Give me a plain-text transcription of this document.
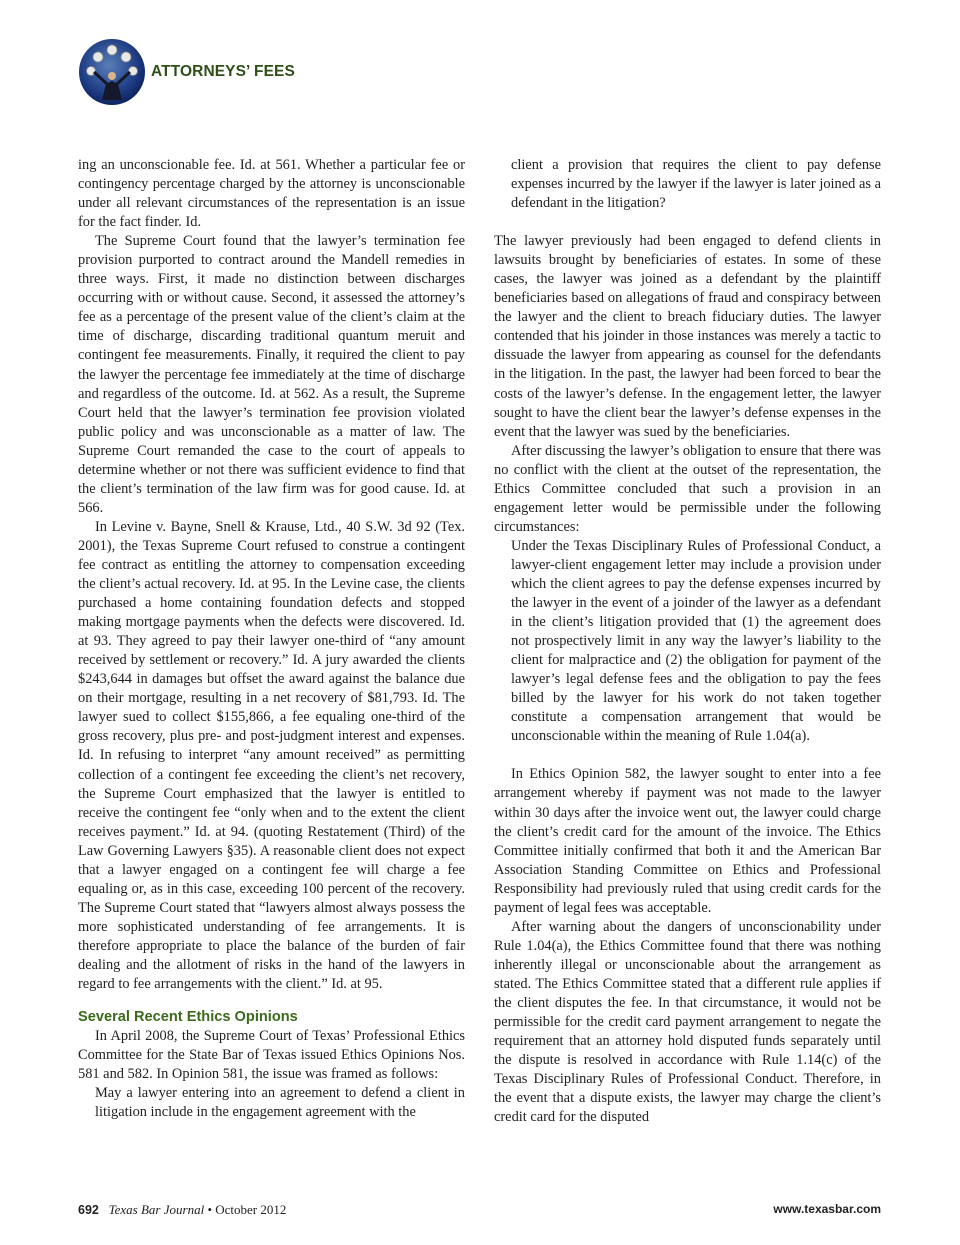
ATTORNEYS’ FEES

ing an unconscionable fee. Id. at 561. Whether a particular fee or contingency percentage charged by the attorney is unconscionable under all relevant circumstances of the representation is an issue for the fact finder. Id.

The Supreme Court found that the lawyer’s termination fee provision purported to contract around the Mandell remedies in three ways. First, it made no distinction between discharges occurring with or without cause. Second, it assessed the attorney’s fee as a percentage of the present value of the client’s claim at the time of discharge, discarding traditional quantum meruit and contingent fee measurements. Finally, it required the client to pay the lawyer the percentage fee immediately at the time of discharge and regardless of the outcome. Id. at 562. As a result, the Supreme Court held that the lawyer’s termination fee provision violated public policy and was unconscionable as a matter of law. The Supreme Court remanded the case to the court of appeals to determine whether or not there was sufficient evidence to find that the client’s termination of the law firm was for good cause. Id. at 566.

In Levine v. Bayne, Snell & Krause, Ltd., 40 S.W. 3d 92 (Tex. 2001), the Texas Supreme Court refused to construe a contingent fee contract as entitling the attorney to compensation exceeding the client’s actual recovery. Id. at 95. In the Levine case, the clients purchased a home containing foundation defects and stopped making mortgage payments when the defects were discovered. Id. at 93. They agreed to pay their lawyer one-third of “any amount received by settlement or recovery.” Id. A jury awarded the clients $243,644 in damages but offset the award against the balance due on their mortgage, resulting in a net recovery of $81,793. Id. The lawyer sued to collect $155,866, a fee equaling one-third of the gross recovery, plus pre- and post-judgment interest and expenses. Id. In refusing to interpret “any amount received” as permitting collection of a contingent fee exceeding the client’s net recovery, the Supreme Court emphasized that the lawyer is entitled to receive the contingent fee “only when and to the extent the client receives payment.” Id. at 94. (quoting Restatement (Third) of the Law Governing Lawyers §35). A reasonable client does not expect that a lawyer engaged on a contingent fee will charge a fee equaling or, as in this case, exceeding 100 percent of the recovery. The Supreme Court stated that “lawyers almost always possess the more sophisticated understanding of fee arrangements. It is therefore appropriate to place the balance of the burden of fair dealing and the allotment of risks in the hand of the lawyers in regard to fee arrangements with the client.” Id. at 95.

Several Recent Ethics Opinions

In April 2008, the Supreme Court of Texas’ Professional Ethics Committee for the State Bar of Texas issued Ethics Opinions Nos. 581 and 582. In Opinion 581, the issue was framed as follows:

May a lawyer entering into an agreement to defend a client in litigation include in the engagement agreement with the

client a provision that requires the client to pay defense expenses incurred by the lawyer if the lawyer is later joined as a defendant in the litigation?

The lawyer previously had been engaged to defend clients in lawsuits brought by beneficiaries of estates. In some of these cases, the lawyer was joined as a defendant by the plaintiff beneficiaries based on allegations of fraud and conspiracy between the lawyer and the client to breach fiduciary duties. The lawyer contended that his joinder in those instances was merely a tactic to dissuade the lawyer from appearing as counsel for the defendants in the litigation. In the past, the lawyer had been forced to bear the costs of the lawyer’s defense. In the engagement letter, the lawyer sought to have the client bear the lawyer’s defense expenses in the event that the lawyer was sued by the beneficiaries.

After discussing the lawyer’s obligation to ensure that there was no conflict with the client at the outset of the representation, the Ethics Committee concluded that such a provision in an engagement letter would be permissible under the following circumstances:

Under the Texas Disciplinary Rules of Professional Conduct, a lawyer-client engagement letter may include a provision under which the client agrees to pay the defense expenses incurred by the lawyer in the event of a joinder of the lawyer as a defendant in the client’s litigation provided that (1) the agreement does not prospectively limit in any way the lawyer’s liability to the client for malpractice and (2) the obligation for payment of the lawyer’s legal defense fees and the obligation to pay the fees billed by the lawyer for his work do not taken together constitute a compensation arrangement that would be unconscionable within the meaning of Rule 1.04(a).

In Ethics Opinion 582, the lawyer sought to enter into a fee arrangement whereby if payment was not made to the lawyer within 30 days after the invoice went out, the lawyer could charge the client’s credit card for the amount of the invoice. The Ethics Committee initially confirmed that both it and the American Bar Association Standing Committee on Ethics and Professional Responsibility had previously ruled that using credit cards for the payment of legal fees was acceptable.

After warning about the dangers of unconscionability under Rule 1.04(a), the Ethics Committee found that there was nothing inherently illegal or unconscionable about the arrangement as stated. The Ethics Committee stated that a different rule applies if the client disputes the fee. In that circumstance, it would not be permissible for the credit card payment arrangement to negate the requirement that an attorney hold disputed funds separately until the dispute is resolved in accordance with Rule 1.14(c) of the Texas Disciplinary Rules of Professional Conduct. Therefore, in the event that a dispute exists, the lawyer may charge the client’s credit card for the disputed

692 Texas Bar Journal • October 2012	www.texasbar.com
